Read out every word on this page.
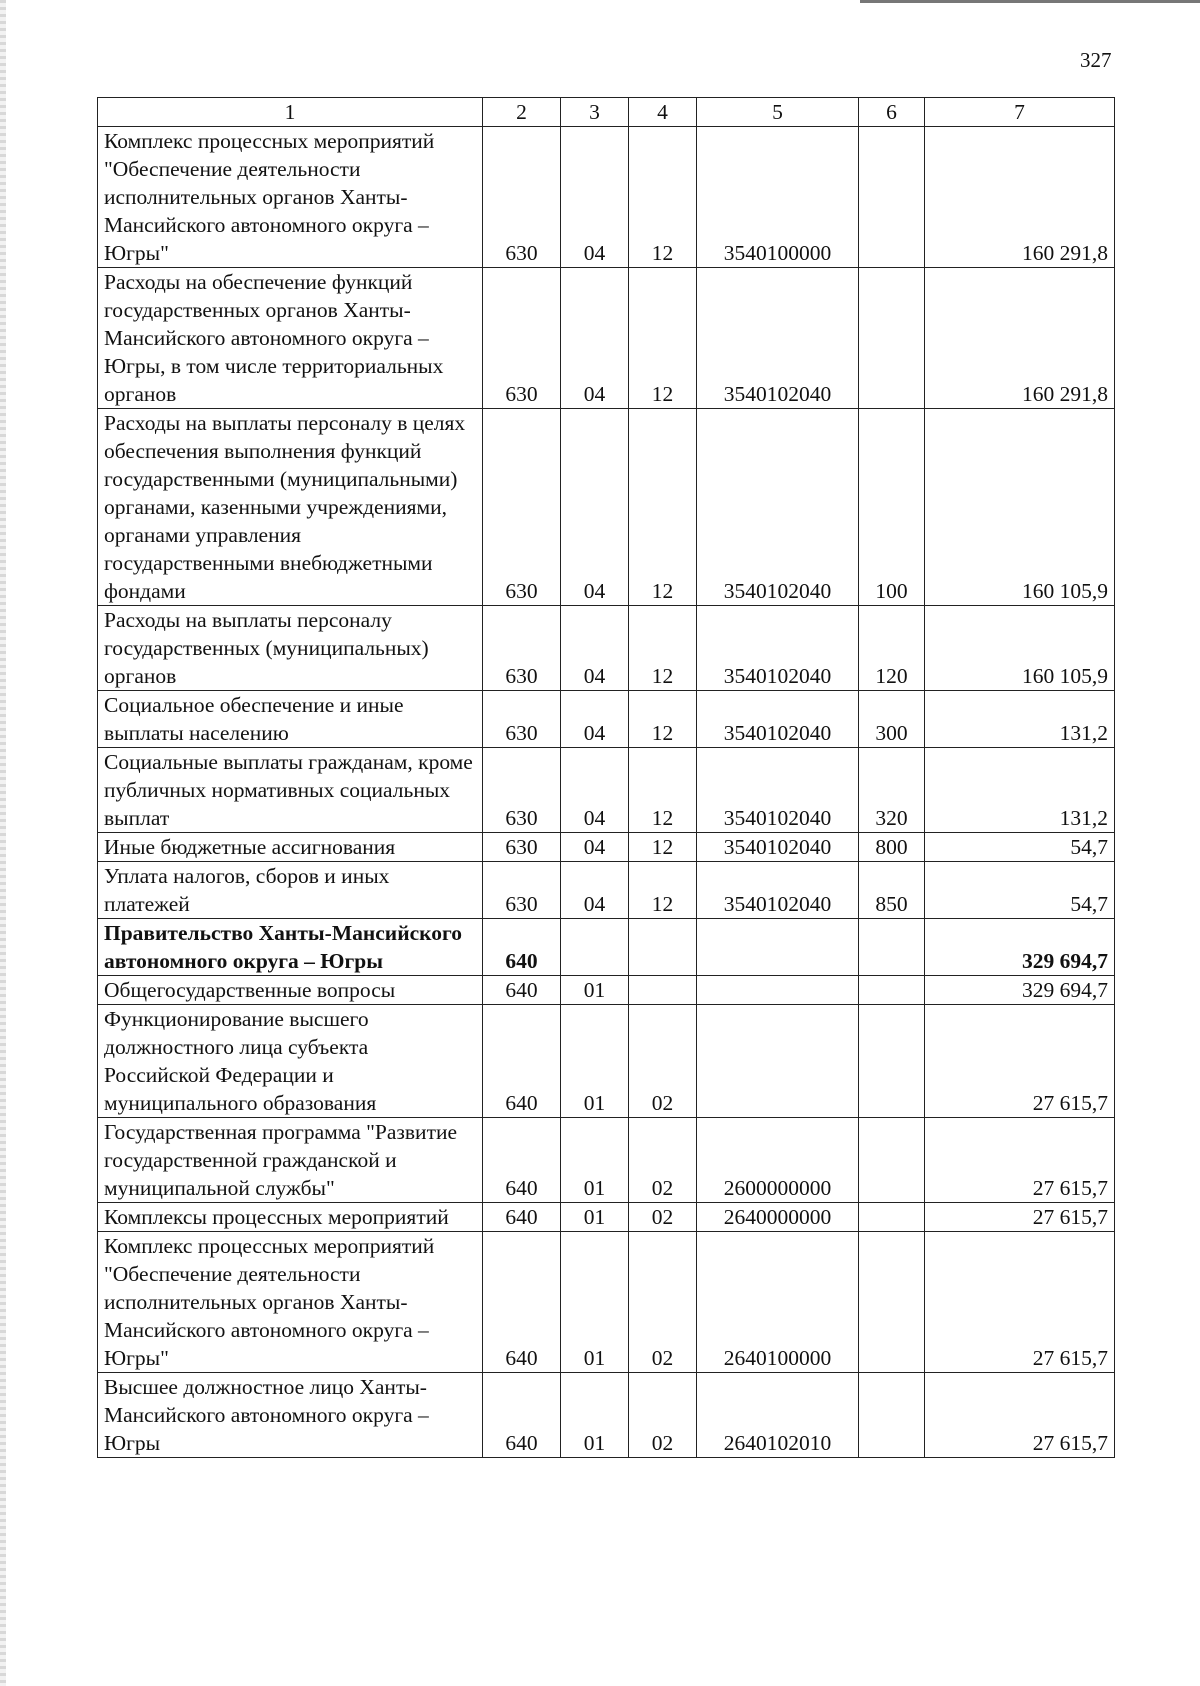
327
1	2	3	4	5	6	7
Комплекс процессных мероприятий "Обеспечение деятельности исполнительных органов Ханты-Мансийского автономного округа – Югры"	630	04	12	3540100000		160 291,8
Расходы на обеспечение функций государственных органов Ханты-Мансийского автономного округа – Югры, в том числе территориальных органов	630	04	12	3540102040		160 291,8
Расходы на выплаты персоналу в целях обеспечения выполнения функций государственными (муниципальными) органами, казенными учреждениями, органами управления государственными внебюджетными фондами	630	04	12	3540102040	100	160 105,9
Расходы на выплаты персоналу государственных (муниципальных) органов	630	04	12	3540102040	120	160 105,9
Социальное обеспечение и иные выплаты населению	630	04	12	3540102040	300	131,2
Социальные выплаты гражданам, кроме публичных нормативных социальных выплат	630	04	12	3540102040	320	131,2
Иные бюджетные ассигнования	630	04	12	3540102040	800	54,7
Уплата налогов, сборов и иных платежей	630	04	12	3540102040	850	54,7
Правительство Ханты-Мансийского автономного округа – Югры	640					329 694,7
Общегосударственные вопросы	640	01				329 694,7
Функционирование высшего должностного лица субъекта Российской Федерации и муниципального образования	640	01	02			27 615,7
Государственная программа "Развитие государственной гражданской и муниципальной службы"	640	01	02	2600000000		27 615,7
Комплексы процессных мероприятий	640	01	02	2640000000		27 615,7
Комплекс процессных мероприятий "Обеспечение деятельности исполнительных органов Ханты-Мансийского автономного округа – Югры"	640	01	02	2640100000		27 615,7
Высшее должностное лицо Ханты-Мансийского автономного округа – Югры	640	01	02	2640102010		27 615,7
